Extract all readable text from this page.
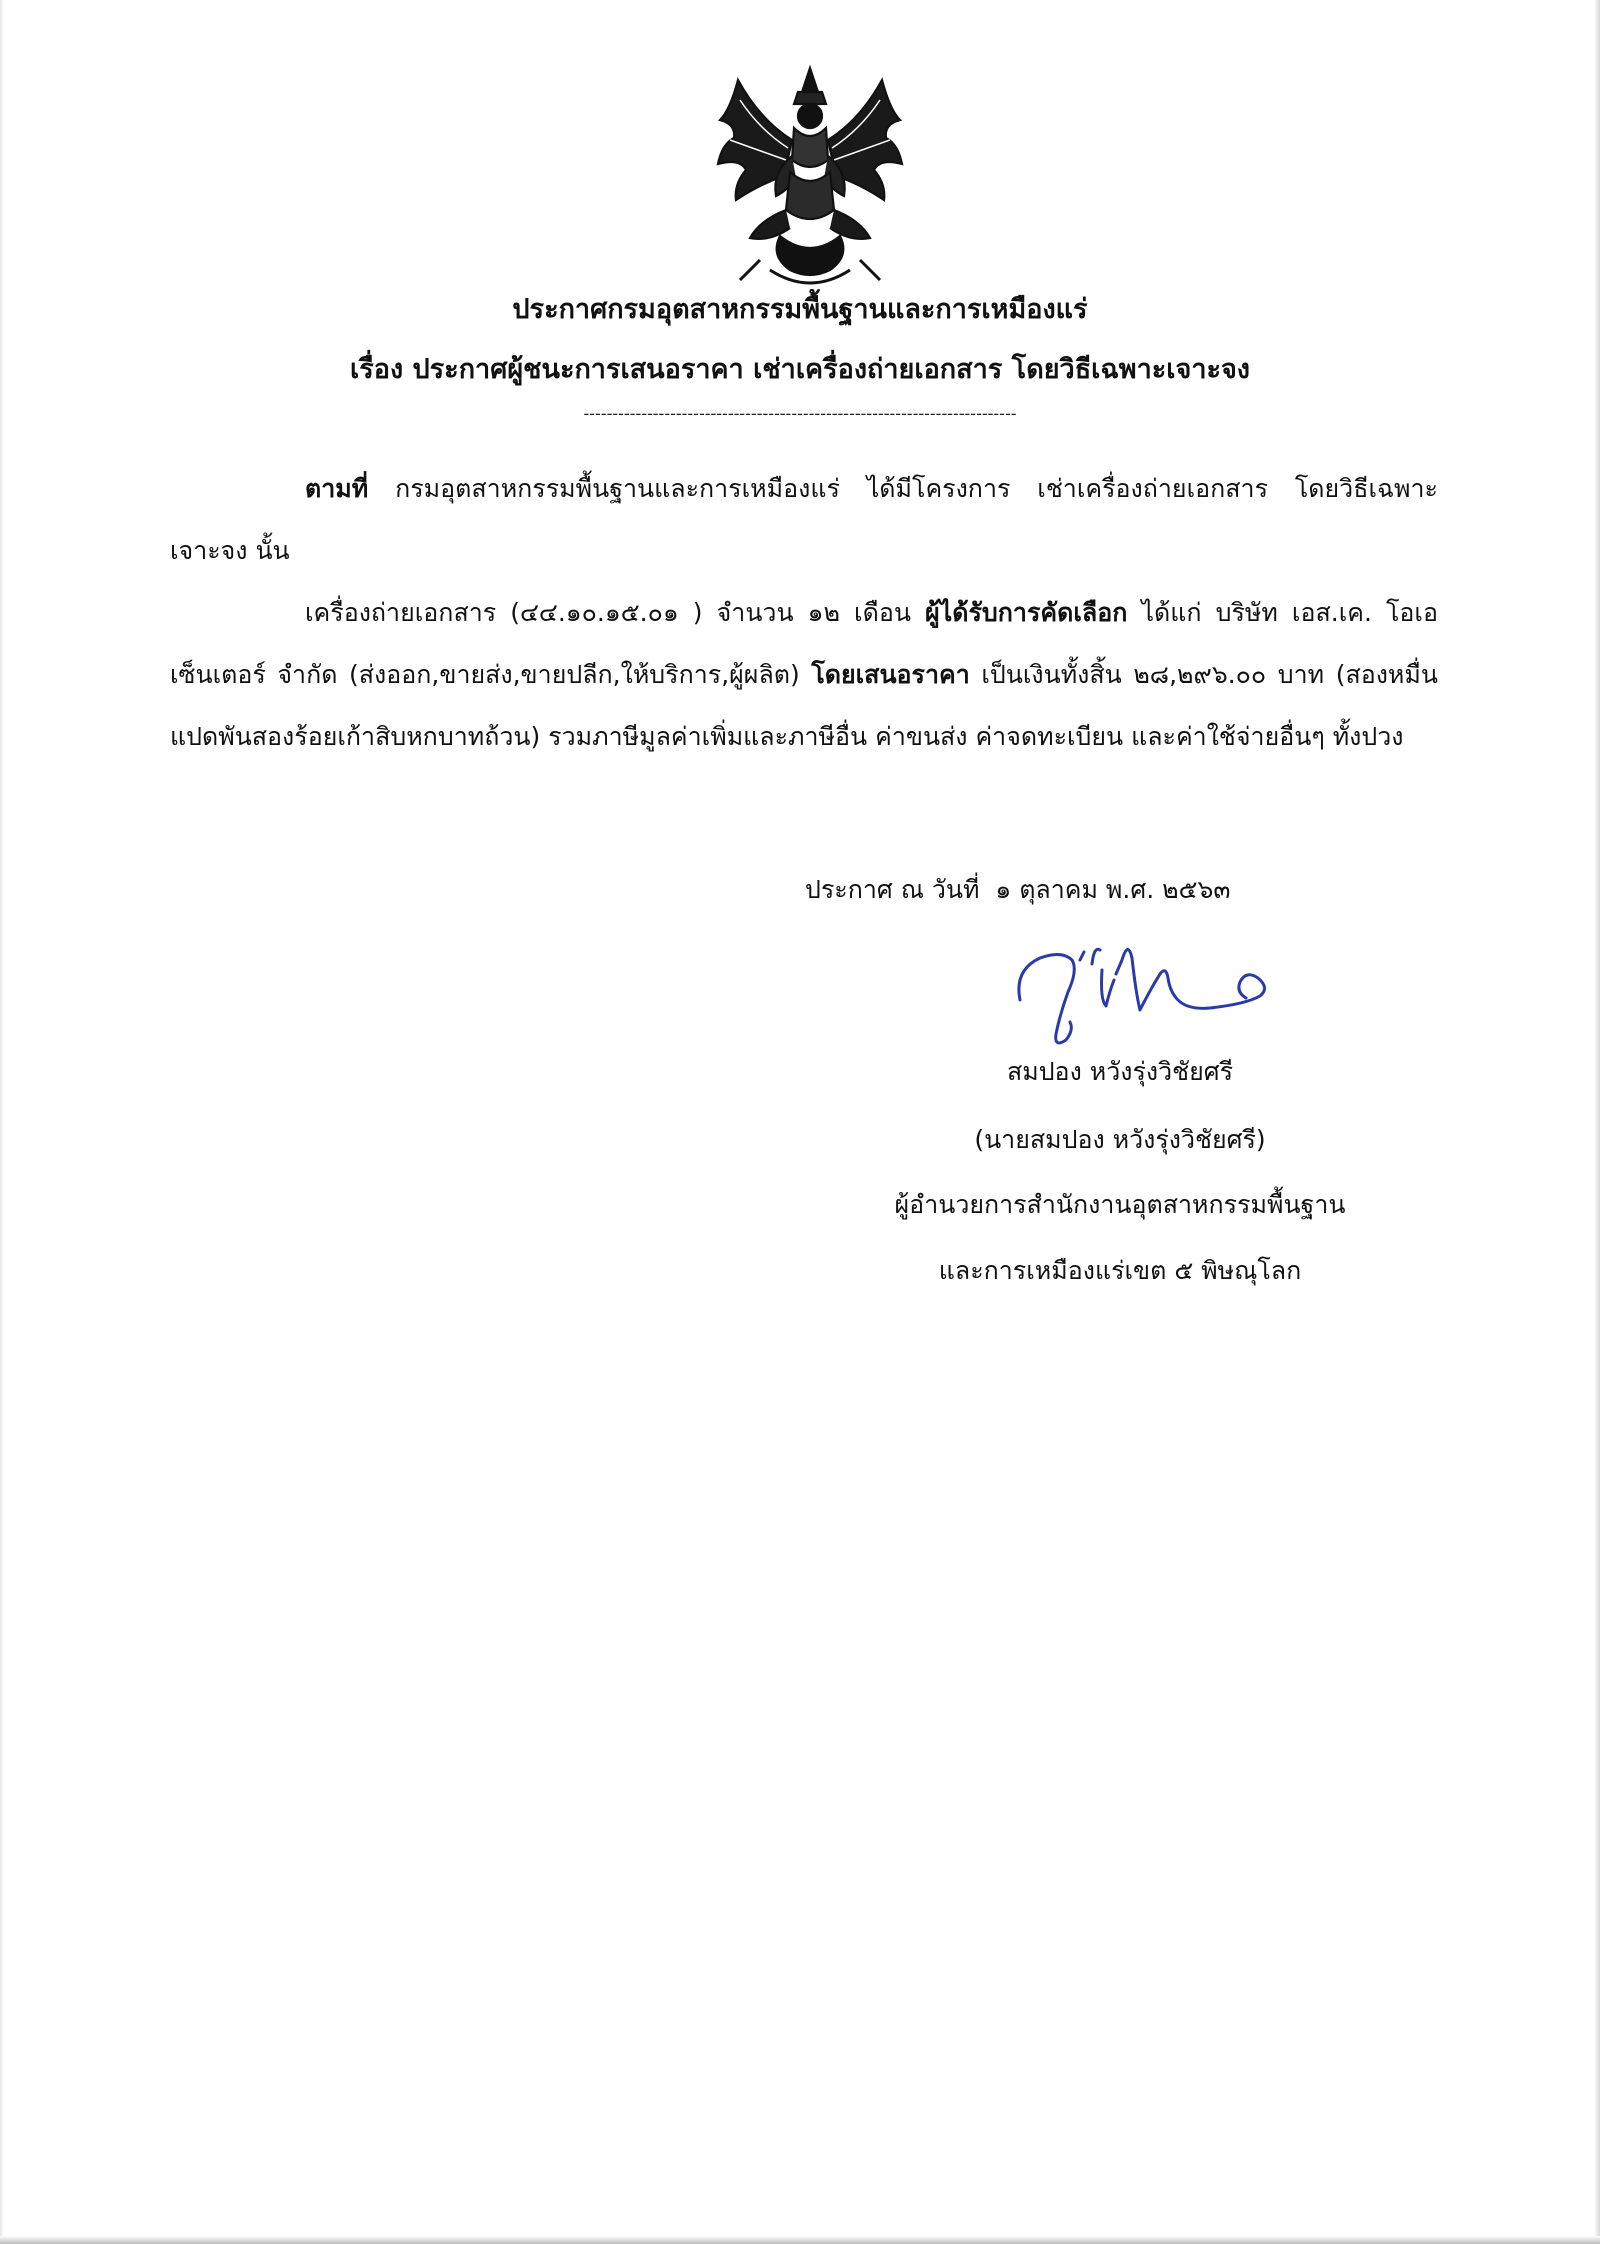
ประกาศกรมอุตสาหกรรมพื้นฐานและการเหมืองแร่
เรื่อง ประกาศผู้ชนะการเสนอราคา เช่าเครื่องถ่ายเอกสาร โดยวิธีเฉพาะเจาะจง
---------------------------------------------------------------------------
ตามที่ กรมอุตสาหกรรมพื้นฐานและการเหมืองแร่ ได้มีโครงการ เช่าเครื่องถ่ายเอกสาร โดยวิธีเฉพาะเจาะจง นั้น
เครื่องถ่ายเอกสาร (๔๔.๑๐.๑๕.๐๑ ) จำนวน ๑๒ เดือน ผู้ได้รับการคัดเลือก ได้แก่ บริษัท เอส.เค. โอเอ เซ็นเตอร์ จำกัด (ส่งออก,ขายส่ง,ขายปลีก,ให้บริการ,ผู้ผลิต) โดยเสนอราคา เป็นเงินทั้งสิ้น ๒๘,๒๙๖.๐๐ บาท (สองหมื่นแปดพันสองร้อยเก้าสิบหกบาทถ้วน) รวมภาษีมูลค่าเพิ่มและภาษีอื่น ค่าขนส่ง ค่าจดทะเบียน และค่าใช้จ่ายอื่นๆ ทั้งปวง
ประกาศ ณ วันที่ ๑ ตุลาคม พ.ศ. ๒๕๖๓
สมปอง หวังรุ่งวิชัยศรี
(นายสมปอง หวังรุ่งวิชัยศรี)
ผู้อำนวยการสำนักงานอุตสาหกรรมพื้นฐาน
และการเหมืองแร่เขต ๕ พิษณุโลก
